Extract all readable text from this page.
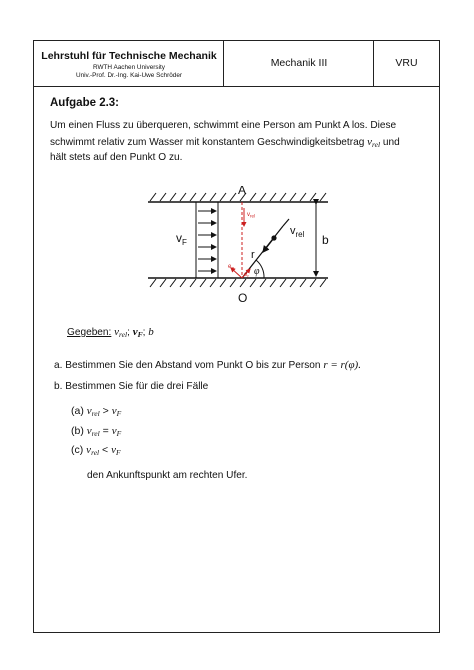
Lehrstuhl für Technische Mechanik
RWTH Aachen University
Univ.-Prof. Dr.-Ing. Kai-Uwe Schröder
Mechanik III	VRU
Aufgabe 2.3:
Um einen Fluss zu überqueren, schwimmt eine Person am Punkt A los. Diese
schwimmt relativ zum Wasser mit konstantem Geschwindigkeitsbetrag $v_{rel}$ und
hält stets auf den Punkt O zu.
$v_F$
A
$v_{rel}$
O
$v_{rel}$
r
φ
$e_\varphi$
$e_r$
b
Gegeben: $v_{rel}$; $v_F$; b
a. Bestimmen Sie den Abstand vom Punkt O bis zur Person r = r(φ).
b. Bestimmen Sie für die drei Fälle
(a) $v_{rel} > v_F$
(b) $v_{rel} = v_F$
(c) $v_{rel} < v_F$
den Ankunftspunkt am rechten Ufer.
